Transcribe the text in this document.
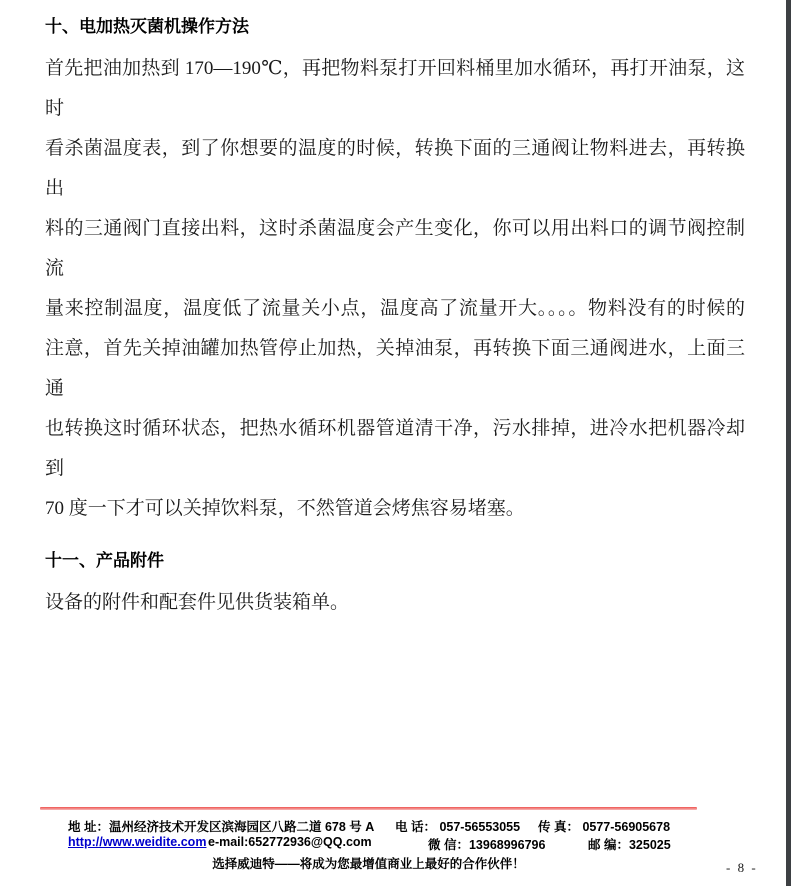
十、电加热灭菌机操作方法
首先把油加热到 170—190℃，再把物料泵打开回料桶里加水循环，再打开油泵，这时
看杀菌温度表，到了你想要的温度的时候，转换下面的三通阀让物料进去，再转换出
料的三通阀门直接出料，这时杀菌温度会产生变化，你可以用出料口的调节阀控制流
量来控制温度，温度低了流量关小点，温度高了流量开大。。。。物料没有的时候的
注意，首先关掉油罐加热管停止加热，关掉油泵，再转换下面三通阀进水，上面三通
也转换这时循环状态，把热水循环机器管道清干净，污水排掉，进冷水把机器冷却到
70 度一下才可以关掉饮料泵，不然管道会烤焦容易堵塞。
十一、产品附件
设备的附件和配套件见供货装箱单。
地 址：温州经济技术开发区滨海园区八路二道 678 号 A 电 话： 057-56553055 传 真： 0577-56905678
http://www.weidite.com e-mail:652772936@QQ.com	微 信：13968996796	邮 编：325025
选择威迪特——将成为您最增值商业上最好的合作伙伴！	- 8 -
